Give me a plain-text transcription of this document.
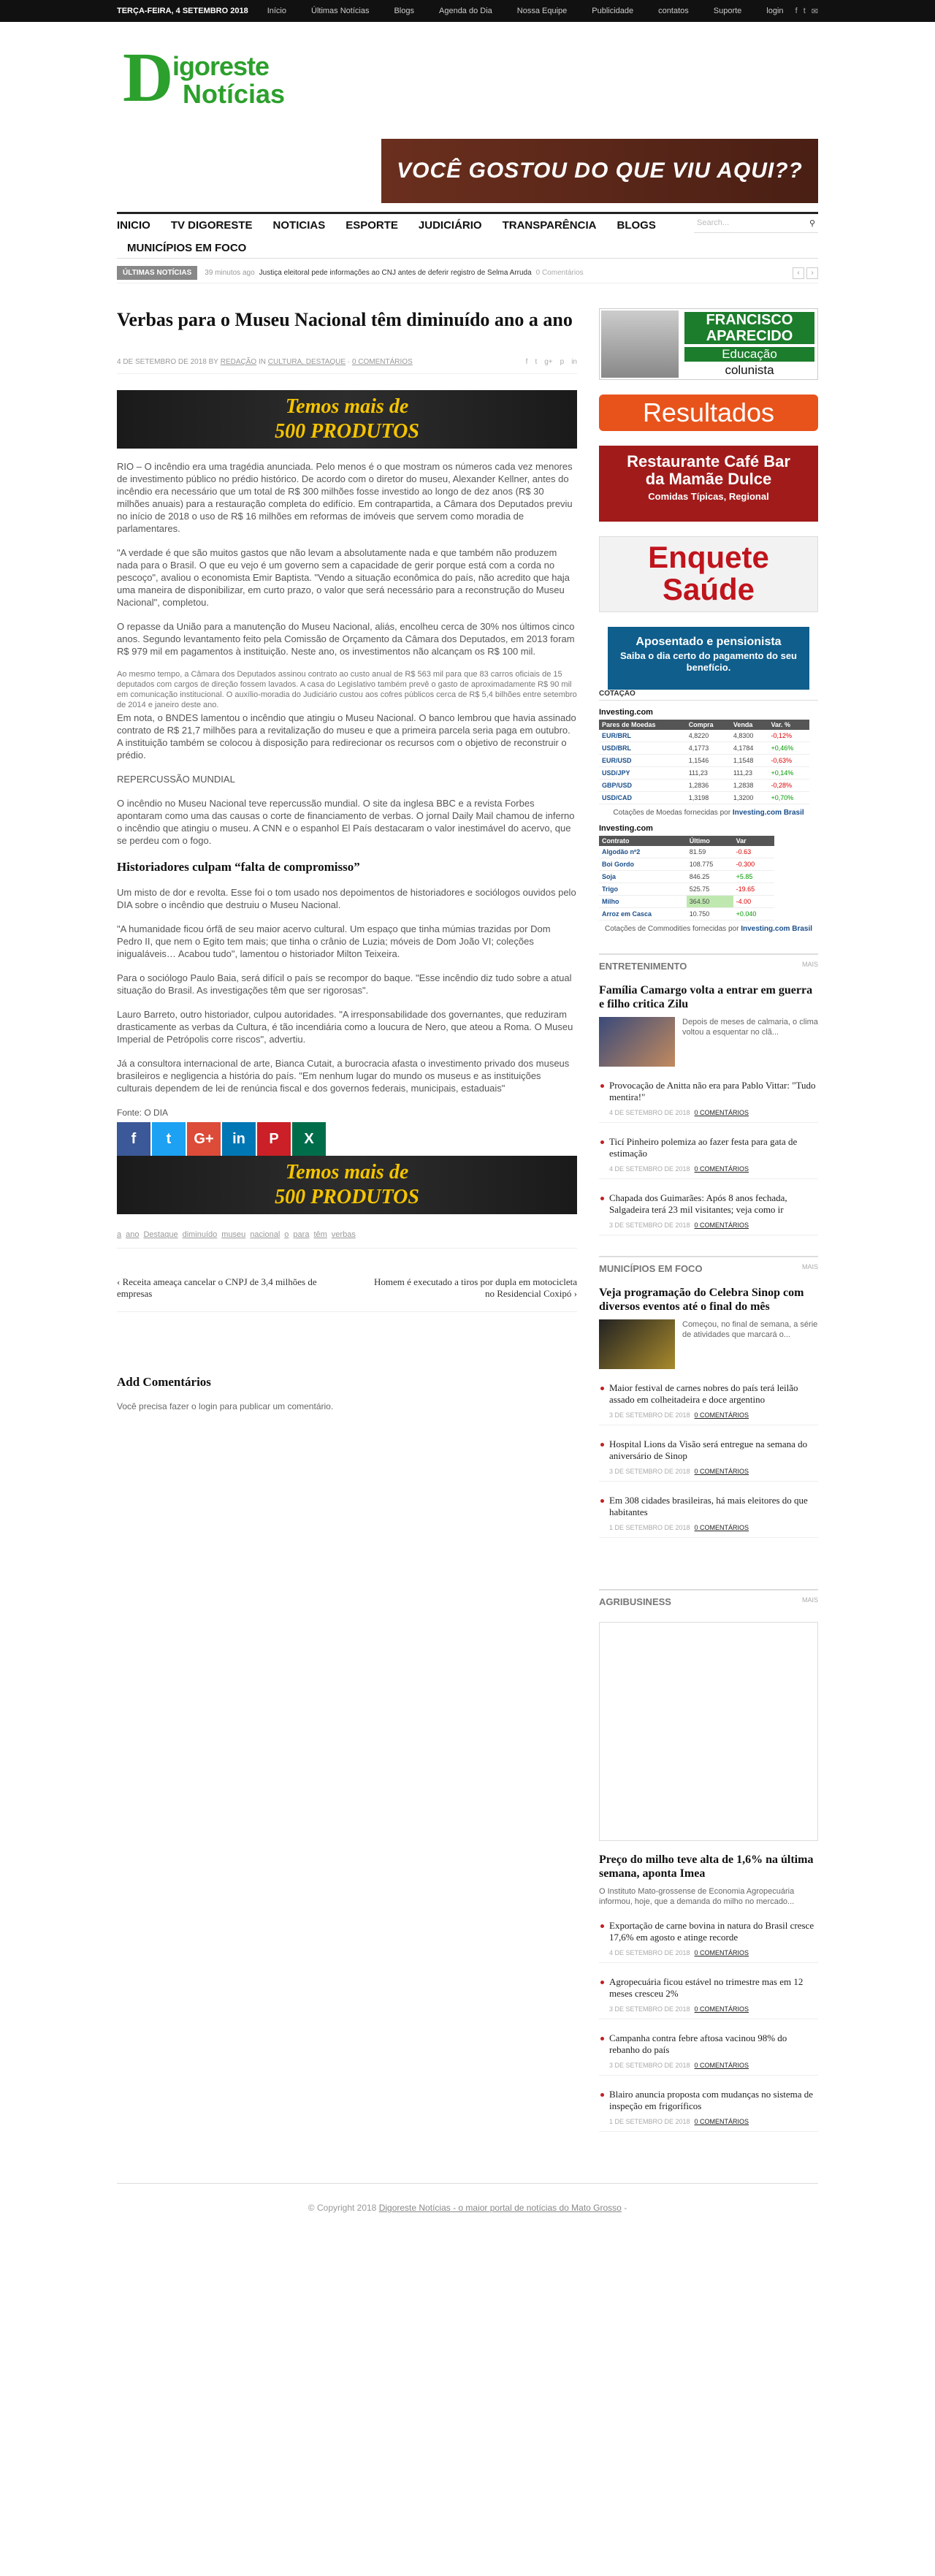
TERÇA-FEIRA, 4 SETEMBRO 2018 Início	Últimas Notícias	Blogs	Agenda do Dia	Nossa Equipe	Publicidade	contatos	Suporte	login f t ✉
D
igoreste
Notícias
VOCÊ GOSTOU DO QUE VIU AQUI??
INICIO TV DIGORESTE NOTICIAS ESPORTE JUDICIÁRIO TRANSPARÊNCIA BLOGS
MUNICÍPIOS EM FOCO
Search...	⚲
ÚLTIMAS NOTÍCIAS	39 minutos ago Justiça eleitoral pede informações ao CNJ antes de deferir registro de Selma Arruda 0 Comentários	‹	›
Verbas para o Museu Nacional têm diminuído ano a ano
4 DE SETEMBRO DE 2018 BY
REDAÇÃO
IN
CULTURA, DESTAQUE · 0 COMENTÁRIOS	f t g+ p in
Temos mais de
500 PRODUTOS

RIO – O incêndio era uma tragédia anunciada. Pelo menos é o que mostram os números cada vez menores de investimento público no prédio histórico. De acordo com o diretor do museu, Alexander Kellner, antes do incêndio era necessário que um total de R$ 300 milhões fosse investido ao longo de dez anos (R$ 30 milhões anuais) para a restauração completa do edifício. Em contrapartida, a Câmara dos Deputados previu no início de 2018 o uso de R$ 16 milhões em reformas de imóveis que servem como moradia de parlamentares.

"A verdade é que são muitos gastos que não levam a absolutamente nada e que também não produzem nada para o Brasil. O que eu vejo é um governo sem a capacidade de gerir porque está com a corda no pescoço", avaliou o economista Emir Baptista. "Vendo a situação econômica do país, não acredito que haja uma maneira de disponibilizar, em curto prazo, o valor que será necessário para a reconstrução do Museu Nacional", completou.

O repasse da União para a manutenção do Museu Nacional, aliás, encolheu cerca de 30% nos últimos cinco anos. Segundo levantamento feito pela Comissão de Orçamento da Câmara dos Deputados, em 2013 foram R$ 979 mil em pagamentos à instituição. Neste ano, os investimentos não alcançam os R$ 100 mil.

Ao mesmo tempo, a Câmara dos Deputados assinou contrato ao custo anual de R$ 563 mil para que 83 carros oficiais de 15 deputados com cargos de direção fossem lavados. A casa do Legislativo também prevê o gasto de aproximadamente R$ 90 mil em comunicação institucional. O auxílio-moradia do Judiciário custou aos cofres públicos cerca de R$ 5,4 bilhões entre setembro de 2014 e janeiro deste ano.

Em nota, o BNDES lamentou o incêndio que atingiu o Museu Nacional. O banco lembrou que havia assinado contrato de R$ 21,7 milhões para a revitalização do museu e que a primeira parcela seria paga em outubro. A instituição também se colocou à disposição para redirecionar os recursos com o objetivo de reconstruir o prédio.

REPERCUSSÃO MUNDIAL

O incêndio no Museu Nacional teve repercussão mundial. O site da inglesa BBC e a revista Forbes apontaram como uma das causas o corte de financiamento de verbas. O jornal Daily Mail chamou de inferno o incêndio que atingiu o museu. A CNN e o espanhol El País destacaram o valor inestimável do acervo, que se perdeu com o fogo.

Historiadores culpam “falta de compromisso”

Um misto de dor e revolta. Esse foi o tom usado nos depoimentos de historiadores e sociólogos ouvidos pelo DIA sobre o incêndio que destruiu o Museu Nacional.

"A humanidade ficou órfã de seu maior acervo cultural. Um espaço que tinha múmias trazidas por Dom Pedro II, que nem o Egito tem mais; que tinha o crânio de Luzia; móveis de Dom João VI; coleções inigualáveis… Acabou tudo", lamentou o historiador Milton Teixeira.

Para o sociólogo Paulo Baia, será difícil o país se recompor do baque. "Esse incêndio diz tudo sobre a atual situação do Brasil. As investigações têm que ser rigorosas".

Lauro Barreto, outro historiador, culpou autoridades. "A irresponsabilidade dos governantes, que reduziram drasticamente as verbas da Cultura, é tão incendiária como a loucura de Nero, que ateou a Roma. O Museu Imperial de Petrópolis corre riscos", advertiu.

Já a consultora internacional de arte, Bianca Cutait, a burocracia afasta o investimento privado dos museus brasileiros e negligencia a história do país. "Em nenhum lugar do mundo os museus e as instituições culturais dependem de lei de renúncia fiscal e dos governos federais, municipais, estaduais"

Fonte: O DIA
f	t	G+	in	P	X
Temos mais de
500 PRODUTOS
a ano Destaque diminuído museu nacional o para têm verbas
‹ Receita ameaça cancelar o CNPJ de 3,4 milhões de empresas
Homem é executado a tiros por dupla em motocicleta no Residencial Coxipó ›
Add Comentários
Você precisa fazer o login para publicar um comentário.
FRANCISCO APARECIDO
Educação
colunista
Resultados
Restaurante Café Bar
da Mamãe Dulce
Comidas Típicas, Regional
Enquete
Saúde
Aposentado e pensionista
Saiba o dia certo do pagamento do seu benefício.
COTAÇÃO
Investing.com
Pares de Moedas	Compra	Venda	Var. %
EUR/BRL	4,8220	4,8300	-0,12%
USD/BRL	4,1773	4,1784	+0,46%
EUR/USD	1,1546	1,1548	-0,63%
USD/JPY	111,23	111,23	+0,14%
GBP/USD	1,2836	1,2838	-0,28%
USD/CAD	1,3198	1,3200	+0,70%
Cotações de Moedas fornecidas por Investing.com Brasil
Investing.com
Contrato	Último	Var
Algodão nº2	81.59	-0.63
Boi Gordo	108.775	-0.300
Soja	846.25	+5.85
Trigo	525.75	-19.65
Milho	364.50	-4.00
Arroz em Casca	10.750	+0.040
Cotações de Commodities fornecidas por Investing.com Brasil
ENTRETENIMENTO	MAIS
Família Camargo volta a entrar em guerra e filho critica Zilu

Depois de meses de calmaria, o clima voltou a esquentar no clã...

Provocação de Anitta não era para Pablo Vittar: "Tudo mentira!"
4 DE SETEMBRO DE 2018 0 COMENTÁRIOS
Ticí Pinheiro polemiza ao fazer festa para gata de estimação
4 DE SETEMBRO DE 2018 0 COMENTÁRIOS
Chapada dos Guimarães: Após 8 anos fechada, Salgadeira terá 23 mil visitantes; veja como ir
3 DE SETEMBRO DE 2018 0 COMENTÁRIOS
MUNICÍPIOS EM FOCO	MAIS
Veja programação do Celebra Sinop com diversos eventos até o final do mês

Começou, no final de semana, a série de atividades que marcará o...

Maior festival de carnes nobres do país terá leilão assado em colheitadeira e doce argentino
3 DE SETEMBRO DE 2018 0 COMENTÁRIOS
Hospital Lions da Visão será entregue na semana do aniversário de Sinop
3 DE SETEMBRO DE 2018 0 COMENTÁRIOS
Em 308 cidades brasileiras, há mais eleitores do que habitantes
1 DE SETEMBRO DE 2018 0 COMENTÁRIOS
AGRIBUSINESS	MAIS
Preço do milho teve alta de 1,6% na última semana, aponta Imea

O Instituto Mato-grossense de Economia Agropecuária informou, hoje, que a demanda do milho no mercado...

Exportação de carne bovina in natura do Brasil cresce 17,6% em agosto e atinge recorde
4 DE SETEMBRO DE 2018 0 COMENTÁRIOS
Agropecuária ficou estável no trimestre mas em 12 meses cresceu 2%
3 DE SETEMBRO DE 2018 0 COMENTÁRIOS
Campanha contra febre aftosa vacinou 98% do rebanho do país
3 DE SETEMBRO DE 2018 0 COMENTÁRIOS
Blairo anuncia proposta com mudanças no sistema de inspeção em frigoríficos
1 DE SETEMBRO DE 2018 0 COMENTÁRIOS
© Copyright 2018 Digoreste Notícias - o maior portal de notícias do Mato Grosso -
